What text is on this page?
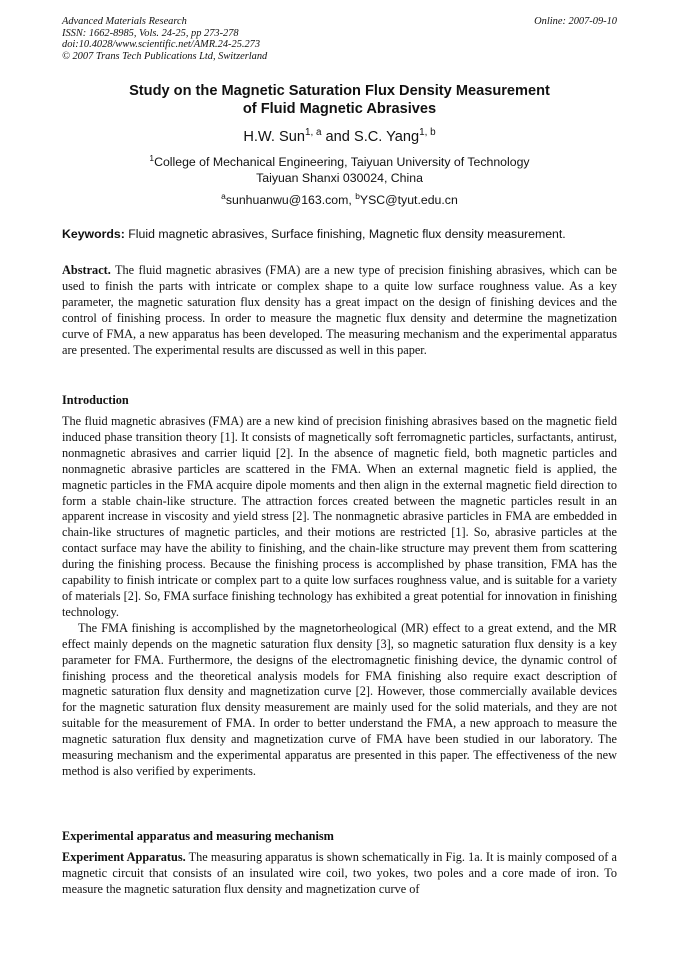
Advanced Materials Research
ISSN: 1662-8985, Vols. 24-25, pp 273-278
doi:10.4028/www.scientific.net/AMR.24-25.273
© 2007 Trans Tech Publications Ltd, Switzerland
Online: 2007-09-10
Study on the Magnetic Saturation Flux Density Measurement
of Fluid Magnetic Abrasives
H.W. Sun$^{1, a}$ and S.C. Yang$^{1, b}$
$^1$College of Mechanical Engineering, Taiyuan University of Technology
Taiyuan Shanxi 030024, China
$^a$sunhuanwu@163.com, $^b$YSC@tyut.edu.cn
Keywords: Fluid magnetic abrasives, Surface finishing, Magnetic flux density measurement.
Abstract. The fluid magnetic abrasives (FMA) are a new type of precision finishing abrasives, which can be used to finish the parts with intricate or complex shape to a quite low surface roughness value. As a key parameter, the magnetic saturation flux density has a great impact on the design of finishing devices and the control of finishing process. In order to measure the magnetic flux density and determine the magnetization curve of FMA, a new apparatus has been developed. The measuring mechanism and the experimental apparatus are presented. The experimental results are discussed as well in this paper.
Introduction

The fluid magnetic abrasives (FMA) are a new kind of precision finishing abrasives based on the magnetic field induced phase transition theory [1]. It consists of magnetically soft ferromagnetic particles, surfactants, antirust, nonmagnetic abrasives and carrier liquid [2]. In the absence of magnetic field, both magnetic particles and nonmagnetic abrasive particles are scattered in the FMA. When an external magnetic field is applied, the magnetic particles in the FMA acquire dipole moments and then align in the external magnetic field direction to form a stable chain-like structure. The attraction forces created between the magnetic particles result in an apparent increase in viscosity and yield stress [2]. The nonmagnetic abrasive particles in FMA are embedded in chain-like structures of magnetic particles, and their motions are restricted [1]. So, abrasive particles at the contact surface may have the ability to finishing, and the chain-like structure may prevent them from scattering during the finishing process. Because the finishing process is accomplished by phase transition, FMA has the capability to finish intricate or complex part to a quite low surfaces roughness value, and is suitable for a variety of materials [2]. So, FMA surface finishing technology has exhibited a great potential for innovation in finishing technology.

The FMA finishing is accomplished by the magnetorheological (MR) effect to a great extend, and the MR effect mainly depends on the magnetic saturation flux density [3], so magnetic saturation flux density is a key parameter for FMA. Furthermore, the designs of the electromagnetic finishing device, the dynamic control of finishing process and the theoretical analysis models for FMA finishing also require exact description of magnetic saturation flux density and magnetization curve [2]. However, those commercially available devices for the magnetic saturation flux density measurement are mainly used for the solid materials, and they are not suitable for the measurement of FMA. In order to better understand the FMA, a new approach to measure the magnetic saturation flux density and magnetization curve of FMA have been studied in our laboratory. The measuring mechanism and the experimental apparatus are presented in this paper. The effectiveness of the new method is also verified by experiments.

Experimental apparatus and measuring mechanism
Experiment Apparatus. The measuring apparatus is shown schematically in Fig. 1a. It is mainly composed of a magnetic circuit that consists of an insulated wire coil, two yokes, two poles and a core made of iron. To measure the magnetic saturation flux density and magnetization curve of
